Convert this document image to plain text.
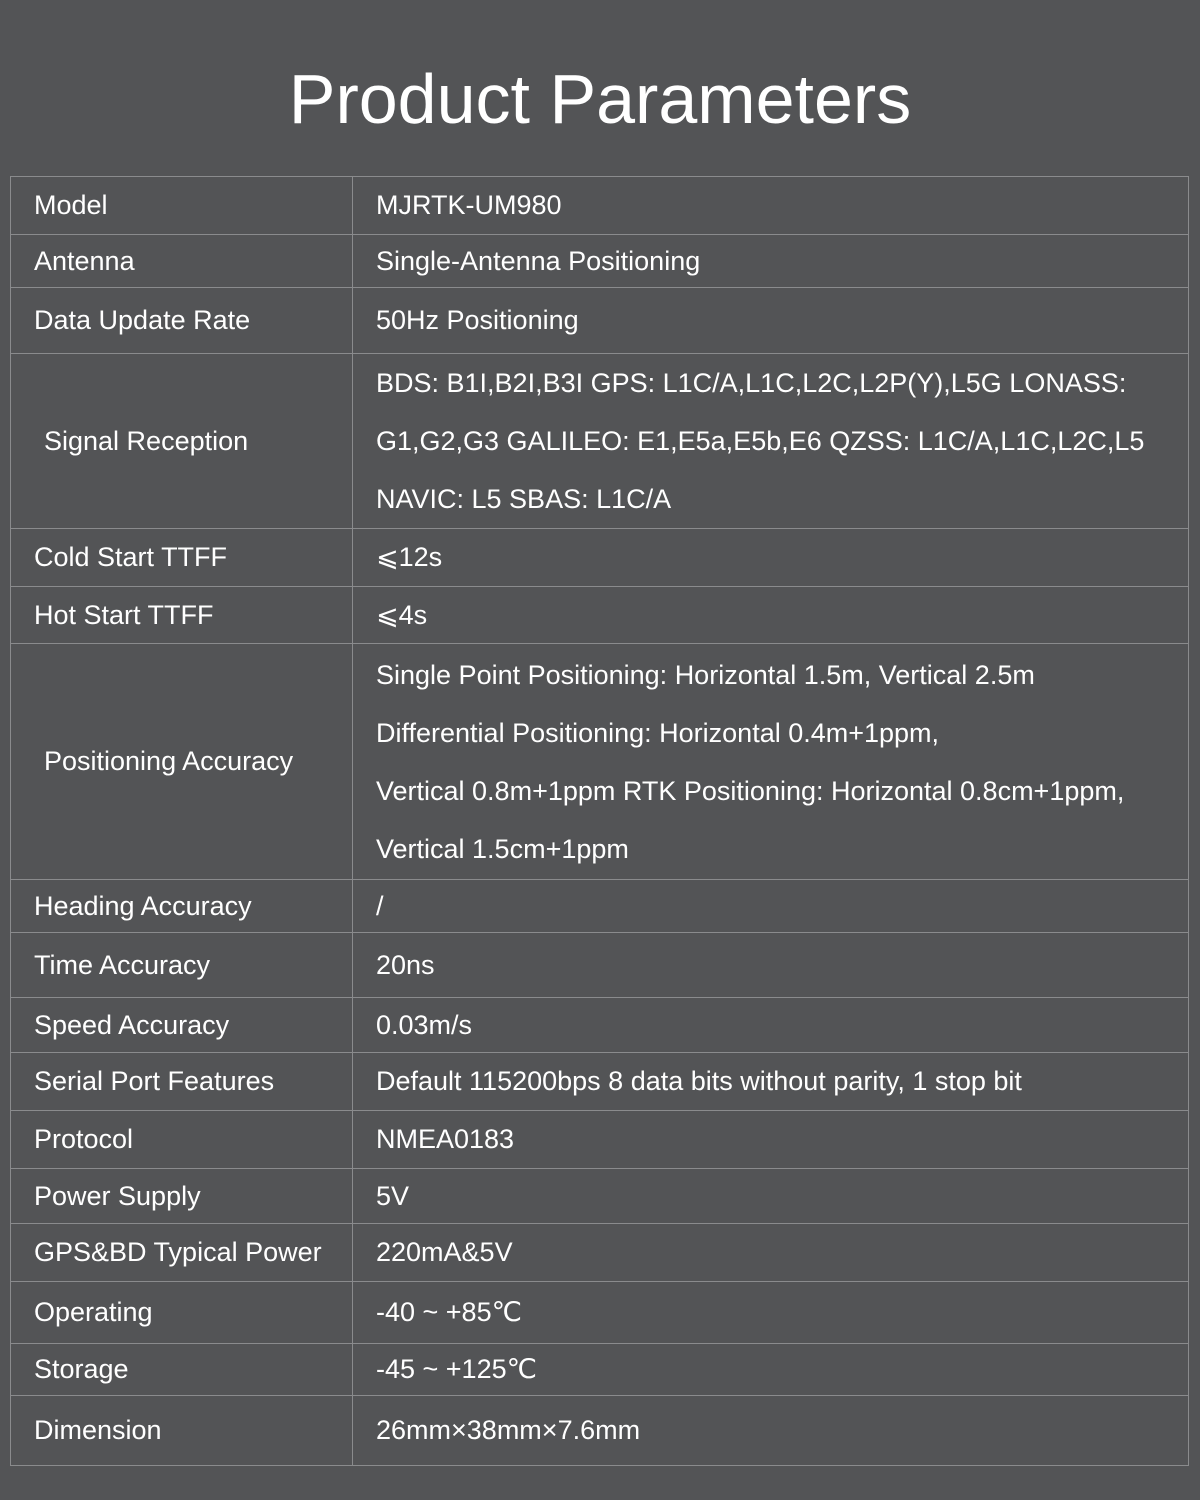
Product Parameters
Model	MJRTK-UM980

Antenna	Single-Antenna Positioning

Data Update Rate	50Hz Positioning

Signal Reception	BDS: B1I,B2I,B3I GPS: L1C/A,L1C,L2C,L2P(Y),L5G LONASS:
G1,G2,G3 GALILEO: E1,E5a,E5b,E6 QZSS: L1C/A,L1C,L2C,L5
NAVIC: L5 SBAS: L1C/A

Cold Start TTFF	⩽12s

Hot Start TTFF	⩽4s

Positioning Accuracy	Single Point Positioning: Horizontal 1.5m, Vertical 2.5m
Differential Positioning: Horizontal 0.4m+1ppm,
Vertical 0.8m+1ppm RTK Positioning: Horizontal 0.8cm+1ppm,
Vertical 1.5cm+1ppm

Heading Accuracy	/

Time Accuracy	20ns

Speed Accuracy	0.03m/s

Serial Port Features	Default 115200bps 8 data bits without parity, 1 stop bit

Protocol	NMEA0183

Power Supply	5V

GPS&BD Typical Power	220mA&5V

Operating	-40 ~ +85℃

Storage	-45 ~ +125℃

Dimension	26mm×38mm×7.6mm
